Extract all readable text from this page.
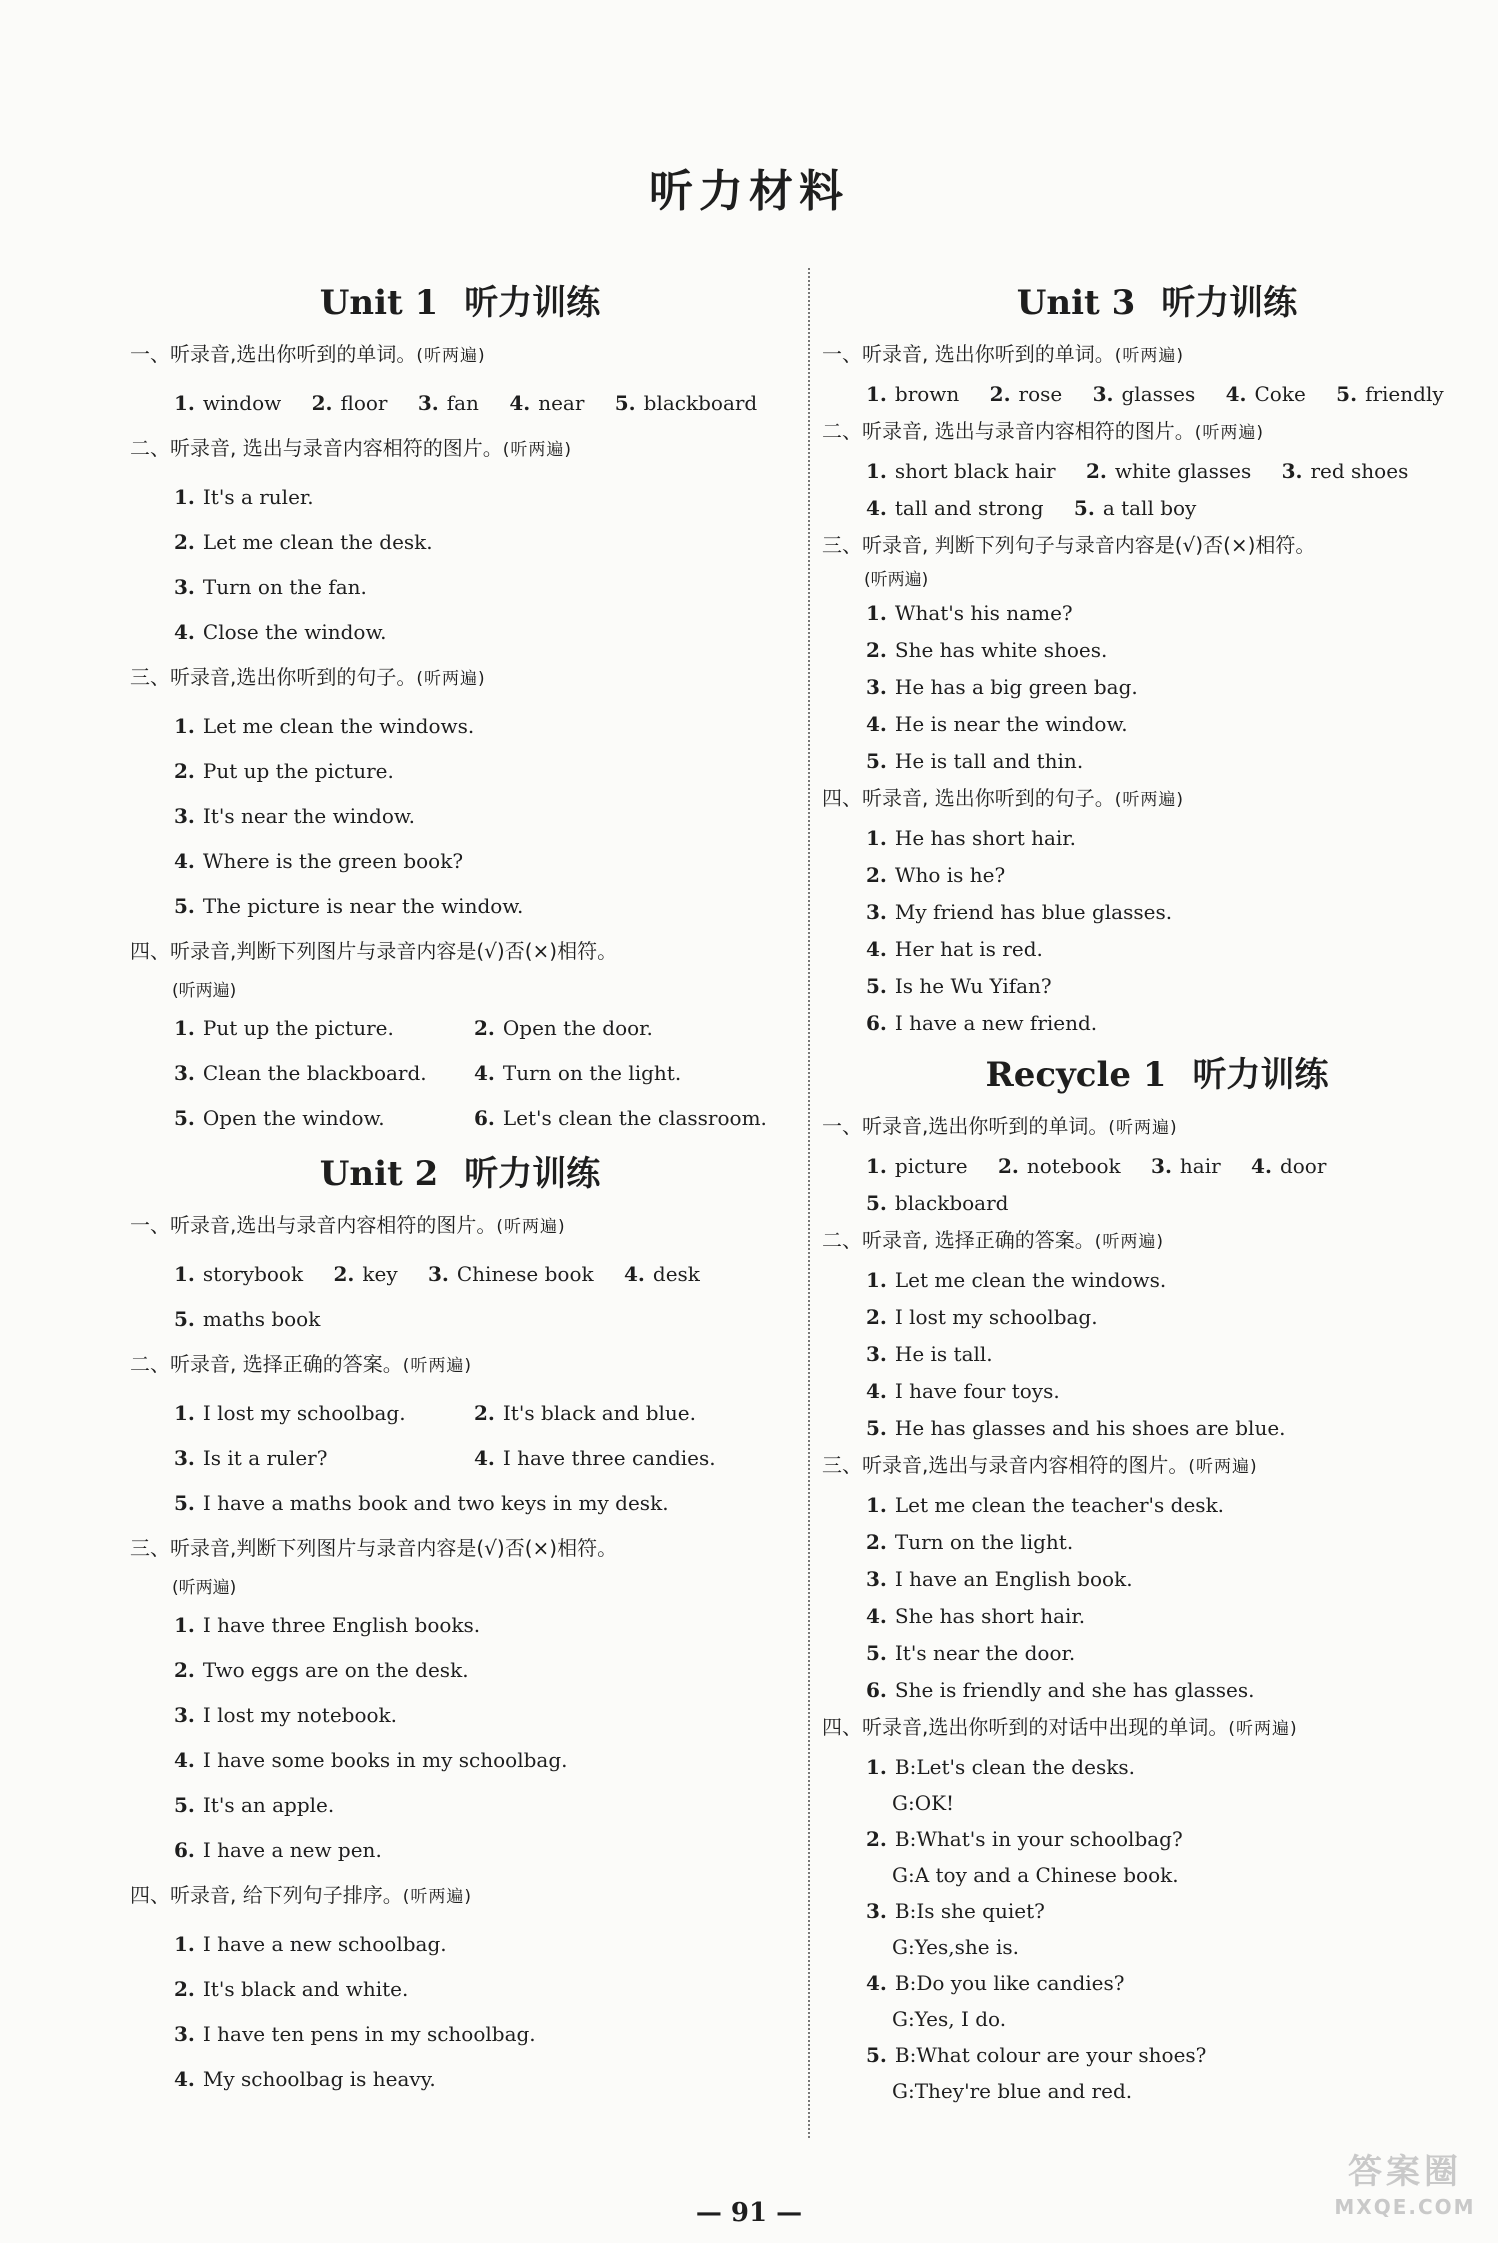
听力材料
Unit 1 听力训练
一、听录音,选出你听到的单词。(听两遍)
1. window 2. floor 3. fan 4. near 5. blackboard
二、听录音, 选出与录音内容相符的图片。(听两遍)
1. It's a ruler.
2. Let me clean the desk.
3. Turn on the fan.
4. Close the window.
三、听录音,选出你听到的句子。(听两遍)
1. Let me clean the windows.
2. Put up the picture.
3. It's near the window.
4. Where is the green book?
5. The picture is near the window.
四、听录音,判断下列图片与录音内容是(√)否(×)相符。
(听两遍)
1. Put up the picture.	2. Open the door.
3. Clean the blackboard.	4. Turn on the light.
5. Open the window.	6. Let's clean the classroom.
Unit 2 听力训练
一、听录音,选出与录音内容相符的图片。(听两遍)
1. storybook 2. key 3. Chinese book 4. desk
5. maths book
二、听录音, 选择正确的答案。(听两遍)
1. I lost my schoolbag.	2. It's black and blue.
3. Is it a ruler?	4. I have three candies.
5. I have a maths book and two keys in my desk.
三、听录音,判断下列图片与录音内容是(√)否(×)相符。
(听两遍)
1. I have three English books.
2. Two eggs are on the desk.
3. I lost my notebook.
4. I have some books in my schoolbag.
5. It's an apple.
6. I have a new pen.
四、听录音, 给下列句子排序。(听两遍)
1. I have a new schoolbag.
2. It's black and white.
3. I have ten pens in my schoolbag.
4. My schoolbag is heavy.
Unit 3 听力训练
一、听录音, 选出你听到的单词。(听两遍)
1. brown 2. rose 3. glasses 4. Coke 5. friendly
二、听录音, 选出与录音内容相符的图片。(听两遍)
1. short black hair 2. white glasses 3. red shoes
4. tall and strong 5. a tall boy
三、听录音, 判断下列句子与录音内容是(√)否(×)相符。
(听两遍)
1. What's his name?
2. She has white shoes.
3. He has a big green bag.
4. He is near the window.
5. He is tall and thin.
四、听录音, 选出你听到的句子。(听两遍)
1. He has short hair.
2. Who is he?
3. My friend has blue glasses.
4. Her hat is red.
5. Is he Wu Yifan?
6. I have a new friend.
Recycle 1 听力训练
一、听录音,选出你听到的单词。(听两遍)
1. picture 2. notebook 3. hair 4. door
5. blackboard
二、听录音, 选择正确的答案。(听两遍)
1. Let me clean the windows.
2. I lost my schoolbag.
3. He is tall.
4. I have four toys.
5. He has glasses and his shoes are blue.
三、听录音,选出与录音内容相符的图片。(听两遍)
1. Let me clean the teacher's desk.
2. Turn on the light.
3. I have an English book.
4. She has short hair.
5. It's near the door.
6. She is friendly and she has glasses.
四、听录音,选出你听到的对话中出现的单词。(听两遍)
1. B:Let's clean the desks.
G:OK!
2. B:What's in your schoolbag?
G:A toy and a Chinese book.
3. B:Is she quiet?
G:Yes,she is.
4. B:Do you like candies?
G:Yes, I do.
5. B:What colour are your shoes?
G:They're blue and red.
— 91 —
答案圈
MXQE.COM
